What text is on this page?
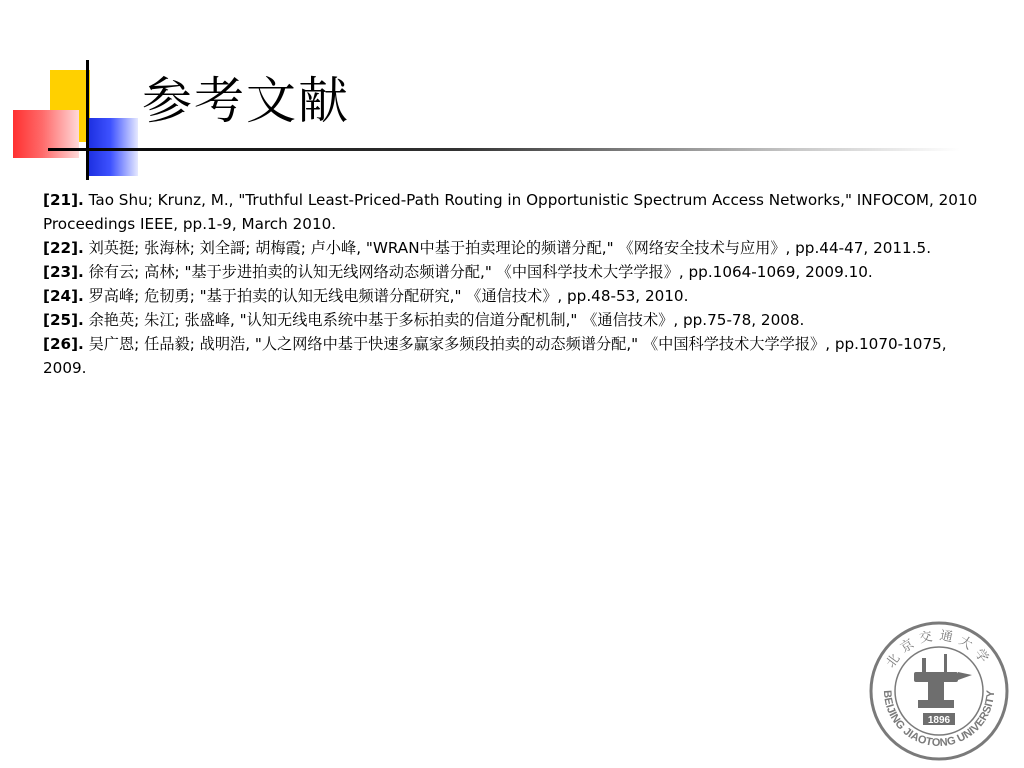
参考文献

[21]. Tao Shu; Krunz, M., "Truthful Least-Priced-Path Routing in Opportunistic Spectrum Access Networks," INFOCOM, 2010 Proceedings IEEE, pp.1-9, March 2010.

[22]. 刘英挺; 张海林; 刘全謌; 胡梅霞; 卢小峰, "WRAN中基于拍卖理论的频谱分配," 《网络安全技术与应用》, pp.44-47, 2011.5.

[23]. 徐有云; 高林; "基于步进拍卖的认知无线网络动态频谱分配," 《中国科学技术大学学报》, pp.1064-1069, 2009.10.

[24]. 罗高峰; 危韧勇; "基于拍卖的认知无线电频谱分配研究," 《通信技术》, pp.48-53, 2010.

[25]. 余艳英; 朱江; 张盛峰, "认知无线电系统中基于多标拍卖的信道分配机制," 《通信技术》, pp.75-78, 2008.

[26]. 吴广恩; 任品毅; 战明浩, "人之网络中基于快速多赢家多频段拍卖的动态频谱分配," 《中国科学技术大学学报》, pp.1070-1075, 2009.

BEIJING JIAOTONG UNIVERSITY
北京交通大学
1896
